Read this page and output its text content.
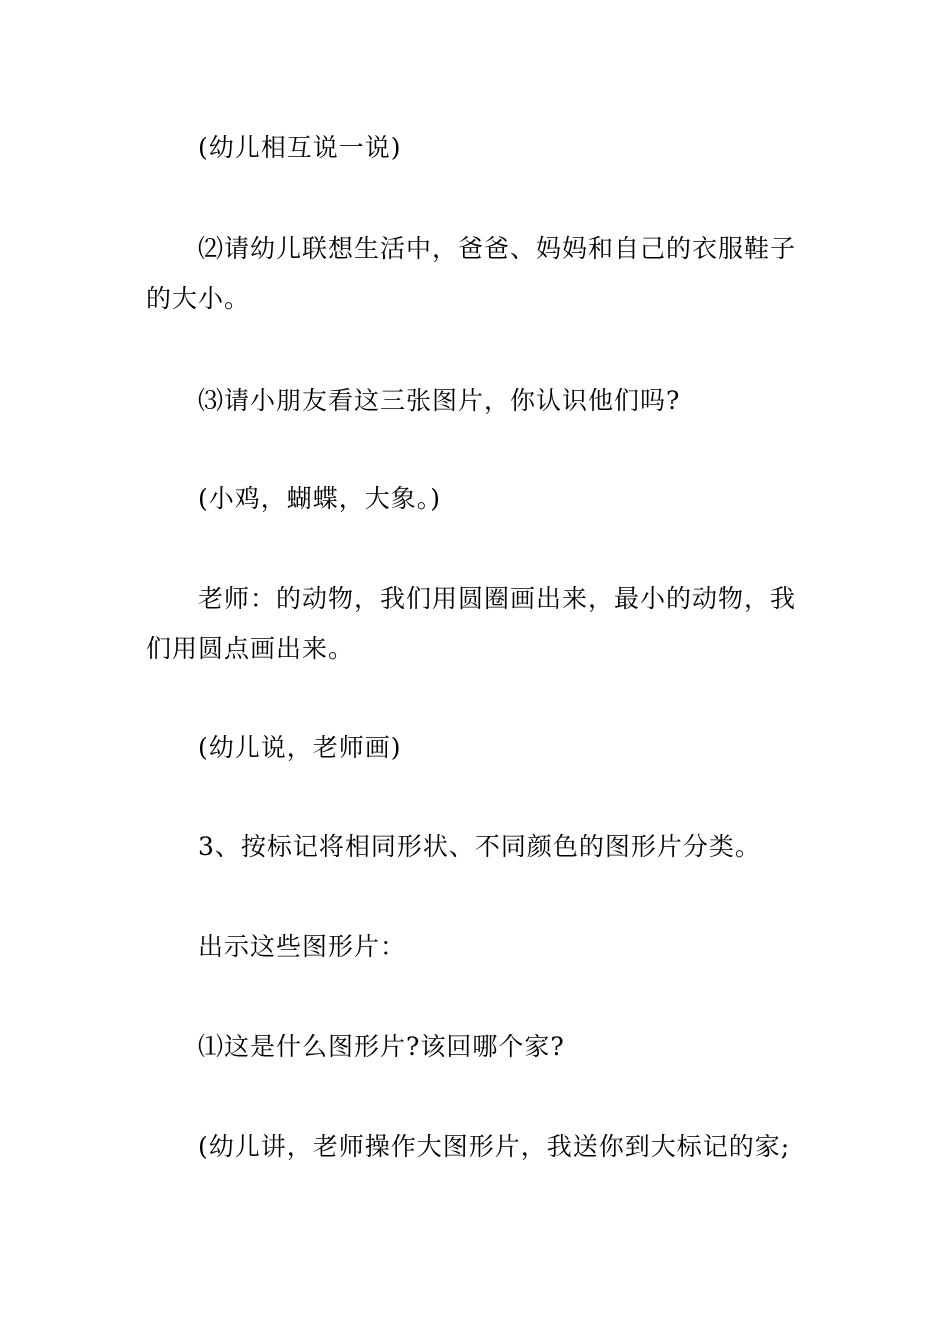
(幼儿相互说一说)

⑵请幼儿联想生活中，爸爸、妈妈和自己的衣服鞋子的大小。

⑶请小朋友看这三张图片，你认识他们吗?

(小鸡，蝴蝶，大象。)

老师：的动物，我们用圆圈画出来，最小的动物，我们用圆点画出来。

(幼儿说，老师画)

3、按标记将相同形状、不同颜色的图形片分类。

出示这些图形片：

⑴这是什么图形片?该回哪个家?

(幼儿讲，老师操作大图形片，我送你到大标记的家;
